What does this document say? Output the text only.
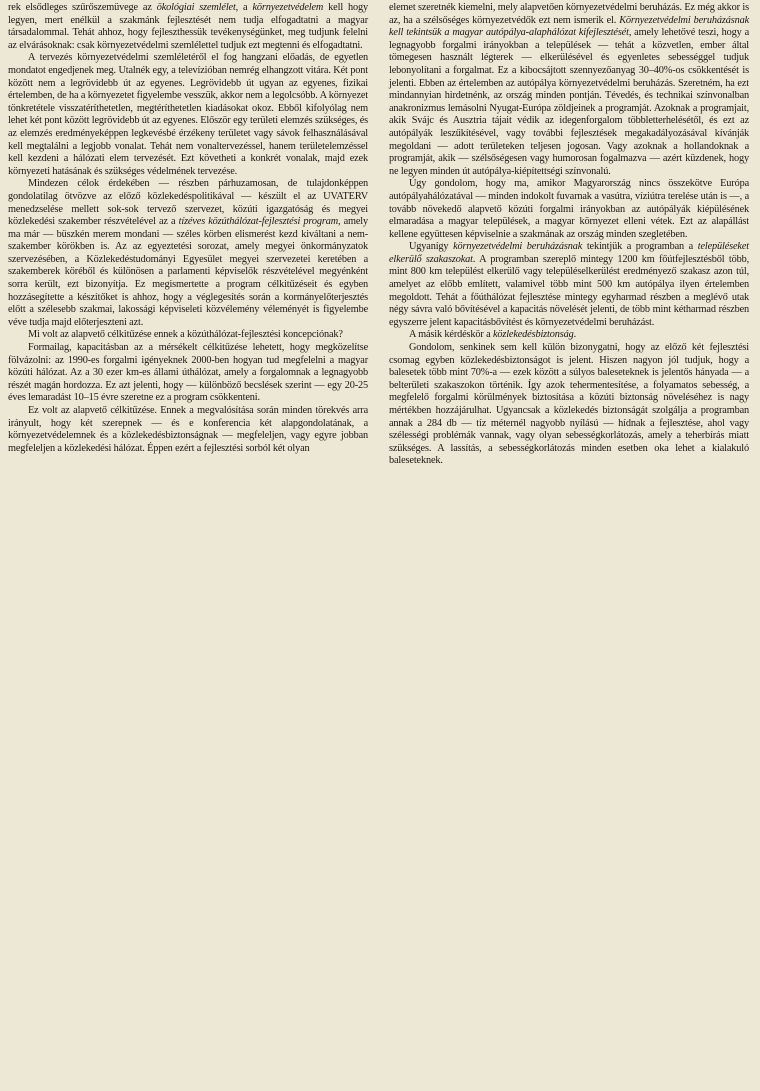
rek elsődleges szűrőszemüvege az ökológiai szemlélet, a környezetvédelem kell hogy legyen, mert enélkül a szakmánk fejlesztését nem tudja elfogadtatni a magyar társadalommal. Tehát ahhoz, hogy fejleszthessük tevékenységünket, meg tudjunk felelni az elvárásoknak: csak környezetvédelmi szemlélettel tudjuk ezt megtenni és elfogadtatni.

A tervezés környezetvédelmi szemléletéről el fog hangzani előadás, de egyetlen mondatot engedjenek meg. Utalnék egy, a televízióban nemrég elhangzott vitára. Két pont között nem a legrövidebb út az egyenes. Legrövidebb út ugyan az egyenes, fizikai értelemben, de ha a környezetet figyelembe vesszük, akkor nem a legolcsóbb. A környezet tönkretétele visszatéríthetetlen, megtéríthetetlen kiadásokat okoz. Ebből kifolyólag nem lehet két pont között legrövidebb út az egyenes. Először egy területi elemzés szükséges, és az elemzés eredményeképpen legkevésbé érzékeny területet vagy sávok felhasználásával kell megtalálni a legjobb vonalat. Tehát nem vonaltervezéssel, hanem területelemzéssel kell kezdeni a hálózati elem tervezését. Ezt követheti a konkrét vonalak, majd ezek környezeti hatásának és szükséges védelmének tervezése.

Mindezen célok érdekében — részben párhuzamosan, de tulajdonképpen gondolatilag ötvözve az előző közlekedéspolitikával — készült el az UVATERV menedzselése mellett sok-sok tervező szervezet, közúti igazgatóság és megyei közlekedési szakember részvételével az a tízéves közúthálózat-fejlesztési program, amely ma már — büszkén merem mondani — széles körben elismerést kezd kiváltani a nem-szakember körökben is. Az az egyeztetési sorozat, amely megyei önkormányzatok szervezésében, a Közlekedéstudományi Egyesület megyei szervezetei keretében a szakemberek köréből és különösen a parlamenti képviselők részvételével megyénként sorra került, ezt bizonyítja. Ez megismertette a program célkitűzéseit és egyben hozzásegítette a készítőket is ahhoz, hogy a véglegesítés során a kormányelőterjesztés előtt a szélesebb szakmai, lakossági képviseleti közvélemény véleményét is figyelembe véve tudja majd előterjeszteni azt.

Mi volt az alapvető célkitűzése ennek a közúthálózat-fejlesztési koncepciónak?

Formailag, kapacitásban az a mérsékelt célkitűzése lehetett, hogy megközelítse fölvázolni: az 1990-es forgalmi igényeknek 2000-ben hogyan tud megfelelni a magyar közúti hálózat. Az a 30 ezer km-es állami úthálózat, amely a forgalomnak a legnagyobb részét magán hordozza. Ez azt jelenti, hogy — különböző becslések szerint — egy 20-25 éves lemaradást 10–15 évre szeretne ez a program csökkenteni.

Ez volt az alapvető célkitűzése. Ennek a megvalósítása során minden törekvés arra irányult, hogy két szerepnek — és e konferencia két alapgondolatának, a környezetvédelemnek és a közlekedésbiztonságnak — megfeleljen, vagy egyre jobban megfeleljen a közlekedési hálózat. Éppen ezért a fejlesztési sorból két olyan

elemet szeretnék kiemelni, mely alapvetően környezetvédelmi beruházás. Ez még akkor is az, ha a szélsőséges környezetvédők ezt nem ismerik el. Környezetvédelmi beruházásnak kell tekintsük a magyar autópálya-alaphálózat kifejlesztését, amely lehetővé teszi, hogy a legnagyobb forgalmi irányokban a települések — tehát a közvetlen, ember által tömegesen használt légterek — elkerülésével és egyenletes sebességgel tudjuk lebonyolítani a forgalmat. Ez a kibocsájtott szennyezőanyag 30–40%-os csökkentését is jelenti. Ebben az értelemben az autópálya környezetvédelmi beruházás. Szeretném, ha ezt mindannyian hirdetnénk, az ország minden pontján. Tévedés, és technikai színvonalban anakronizmus lemásolni Nyugat-Európa zöldjeinek a programját. Azoknak a programjait, akik Svájc és Ausztria tájait védik az idegenforgalom többletterhelésétől, és ezt az autópályák leszűkítésével, vagy további fejlesztések megakadályozásával kívánják megoldani — adott területeken teljesen jogosan. Vagy azoknak a hollandoknak a programját, akik — szélsőségesen vagy humorosan fogalmazva — azért küzdenek, hogy ne legyen minden út autópálya-kiépítettségi színvonalú.

Úgy gondolom, hogy ma, amikor Magyarország nincs összekötve Európa autópályahálózatával — minden indokolt fuvarnak a vasútra, víziútra terelése után is —, a tovább növekedő alapvető közúti forgalmi irányokban az autópályák kiépülésének elmaradása a magyar települések, a magyar környezet elleni vétek. Ezt az alapállást kellene együttesen képviselnie a szakmának az ország minden szegletében.

Ugyanígy környezetvédelmi beruházásnak tekintjük a programban a településeket elkerülő szakaszokat. A programban szereplő mintegy 1200 km főútfejlesztésből több, mint 800 km települést elkerülő vagy településelkerülést eredményező szakasz azon túl, amelyet az előbb említett, valamivel több mint 500 km autópálya ilyen értelemben megoldott. Tehát a főúthálózat fejlesztése mintegy egyharmad részben a meglévő utak négy sávra való bővítésével a kapacitás növelését jelenti, de több mint kétharmad részben egyszerre jelent kapacitásbővítést és környezetvédelmi beruházást.

A másik kérdéskör a közlekedésbiztonság.

Gondolom, senkinek sem kell külön bizonygatni, hogy az előző két fejlesztési csomag egyben közlekedésbiztonságot is jelent. Hiszen nagyon jól tudjuk, hogy a balesetek több mint 70%-a — ezek között a súlyos baleseteknek is jelentős hányada — a belterületi szakaszokon történik. Így azok tehermentesítése, a folyamatos sebesség, a megfelelő forgalmi körülmények biztosítása a közúti biztonság növeléséhez is nagy mértékben hozzájárulhat. Ugyancsak a közlekedés biztonságát szolgálja a programban annak a 284 db — tíz méternél nagyobb nyílású — hídnak a fejlesztése, ahol vagy szélességi problémák vannak, vagy olyan sebességkorlátozás, amely a teherbírás miatt szükséges. A lassítás, a sebességkorlátozás minden esetben oka lehet a kialakuló baleseteknek.
